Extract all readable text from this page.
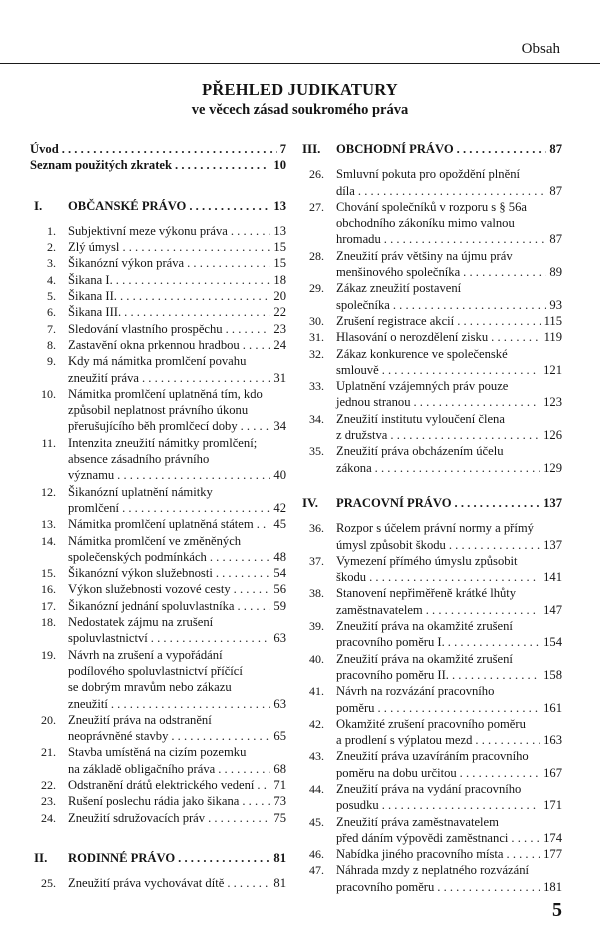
Obsah
PŘEHLED JUDIKATURY
ve věcech zásad soukromého práva
Úvod . . .	7
Seznam použitých zkratek . . .	10
I.	OBČANSKÉ PRÁVO . . .	13
1. Subjektivní meze výkonu práva . . .	13
2. Zlý úmysl . . .	15
3. Šikanózní výkon práva . . .	15
4. Šikana I. . . .	18
5. Šikana II. . . .	20
6. Šikana III. . . .	22
7. Sledování vlastního prospěchu . . .	23
8. Zastavění okna prkennou hradbou . . .	24
9. Kdy má námitka promlčení povahu
zneužití práva . . .	31
10. Námitka promlčení uplatněná tím, kdo
způsobil neplatnost právního úkonu
přerušujícího běh promlčecí doby . . .	34
11. Intenzita zneužití námitky promlčení;
absence zásadního právního
významu . . .	40
12. Šikanózní uplatnění námitky
promlčení . . .	42
13. Námitka promlčení uplatněná státem . . . 45
14. Námitka promlčení ve změněných
společenských podmínkách . . .	48
15. Šikanózní výkon služebnosti . . .	54
16. Výkon služebnosti vozové cesty . . .	56
17. Šikanózní jednání spoluvlastníka . . .	59
18. Nedostatek zájmu na zrušení
spoluvlastnictví . . .	63
19. Návrh na zrušení a vypořádání
podílového spoluvlastnictví příčící
se dobrým mravům nebo zákazu
zneužití . . .	63
20. Zneužití práva na odstranění
neoprávněné stavby . . .	65
21. Stavba umístěná na cizím pozemku
na základě obligačního práva . . .	68
22. Odstranění drátů elektrického vedení . . . 71
23. Rušení poslechu rádia jako šikana . . .	73
24. Zneužití sdružovacích práv . . .	75
II.	RODINNÉ PRÁVO . . .	81
25. Zneužití práva vychovávat dítě . . .	81
III.	OBCHODNÍ PRÁVO . . .	87
26. Smluvní pokuta pro opoždění plnění
díla . . .	87
27. Chování společníků v rozporu s § 56a
obchodního zákoníku mimo valnou
hromadu . . .	87
28. Zneužití práv většiny na újmu práv
menšinového společníka . . .	89
29. Zákaz zneužití postavení
společníka . . .	93
30. Zrušení registrace akcií . . .	115
31. Hlasování o nerozdělení zisku . . .	119
32. Zákaz konkurence ve společenské
smlouvě . . .	121
33. Uplatnění vzájemných práv pouze
jednou stranou . . .	123
34. Zneužití institutu vyloučení člena
z družstva . . .	126
35. Zneužití práva obcházením účelu
zákona . . .	129
IV.	PRACOVNÍ PRÁVO . . .	137
36. Rozpor s účelem právní normy a přímý
úmysl způsobit škodu . . .	137
37. Vymezení přímého úmyslu způsobit
škodu . . .	141
38. Stanovení nepřiměřeně krátké lhůty
zaměstnavatelem . . .	147
39. Zneužití práva na okamžité zrušení
pracovního poměru I. . . .	154
40. Zneužití práva na okamžité zrušení
pracovního poměru II. . . .	158
41. Návrh na rozvázání pracovního
poměru . . .	161
42. Okamžité zrušení pracovního poměru
a prodlení s výplatou mezd . . .	163
43. Zneužití práva uzavíráním pracovního
poměru na dobu určitou . . .	167
44. Zneužití práva na vydání pracovního
posudku . . .	171
45. Zneužití práva zaměstnavatelem
před dáním výpovědi zaměstnanci . . .	174
46. Nabídka jiného pracovního místa . . .	177
47. Náhrada mzdy z neplatného rozvázání
pracovního poměru . . .	181
5
